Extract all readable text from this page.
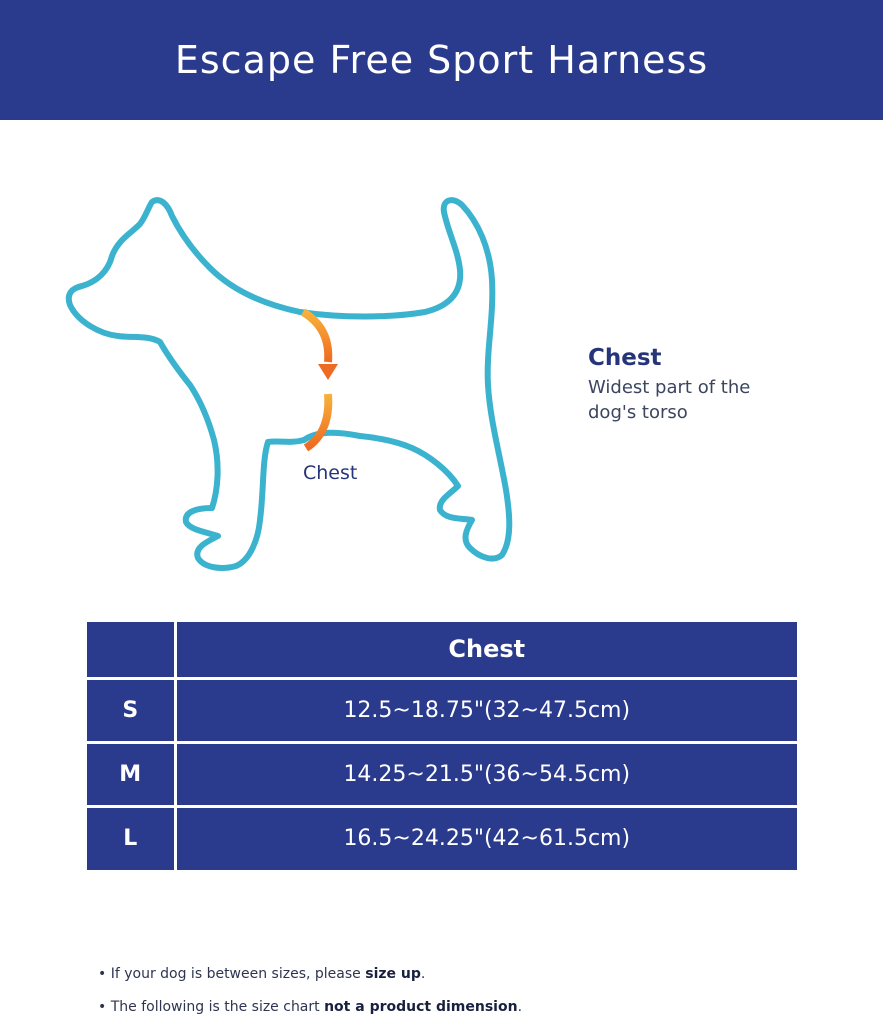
Escape Free Sport Harness
Chest
Chest
Widest part of the
dog's torso
	Chest
S	12.5~18.75"(32~47.5cm)
M	14.25~21.5"(36~54.5cm)
L	16.5~24.25"(42~61.5cm)

• If your dog is between sizes, please size up.

• The following is the size chart not a product dimension.
